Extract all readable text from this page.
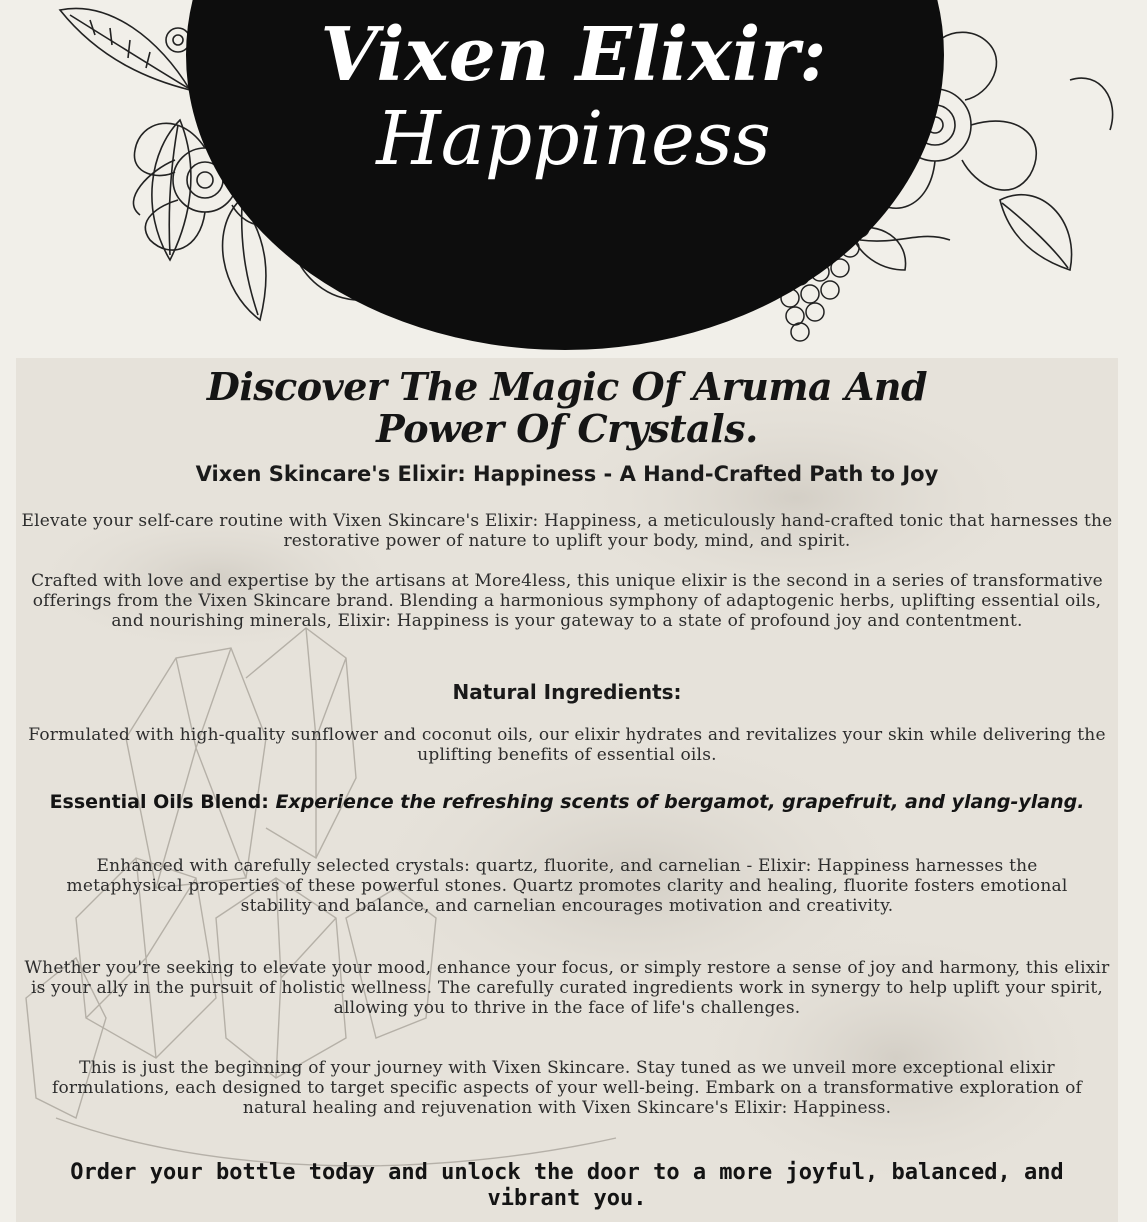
Vixen Elixir:
Happiness
Discover The Magic Of Aruma And
Power Of Crystals.
Vixen Skincare's Elixir: Happiness - A Hand-Crafted Path to Joy
Elevate your self-care routine with Vixen Skincare's Elixir: Happiness, a meticulously hand-crafted tonic that harnesses the restorative power of nature to uplift your body, mind, and spirit.
Crafted with love and expertise by the artisans at More4less, this unique elixir is the second in a series of transformative offerings from the Vixen Skincare brand. Blending a harmonious symphony of adaptogenic herbs, uplifting essential oils, and nourishing minerals, Elixir: Happiness is your gateway to a state of profound joy and contentment.
Natural Ingredients:
Formulated with high-quality sunflower and coconut oils, our elixir hydrates and revitalizes your skin while delivering the uplifting benefits of essential oils.
Essential Oils Blend: Experience the refreshing scents of bergamot, grapefruit, and ylang-ylang.
Enhanced with carefully selected crystals: quartz, fluorite, and carnelian - Elixir: Happiness harnesses the metaphysical properties of these powerful stones. Quartz promotes clarity and healing, fluorite fosters emotional stability and balance, and carnelian encourages motivation and creativity.
Whether you're seeking to elevate your mood, enhance your focus, or simply restore a sense of joy and harmony, this elixir is your ally in the pursuit of holistic wellness. The carefully curated ingredients work in synergy to help uplift your spirit, allowing you to thrive in the face of life's challenges.
This is just the beginning of your journey with Vixen Skincare. Stay tuned as we unveil more exceptional elixir formulations, each designed to target specific aspects of your well-being. Embark on a transformative exploration of natural healing and rejuvenation with Vixen Skincare's Elixir: Happiness.
Order your bottle today and unlock the door to a more joyful, balanced, and vibrant you.
